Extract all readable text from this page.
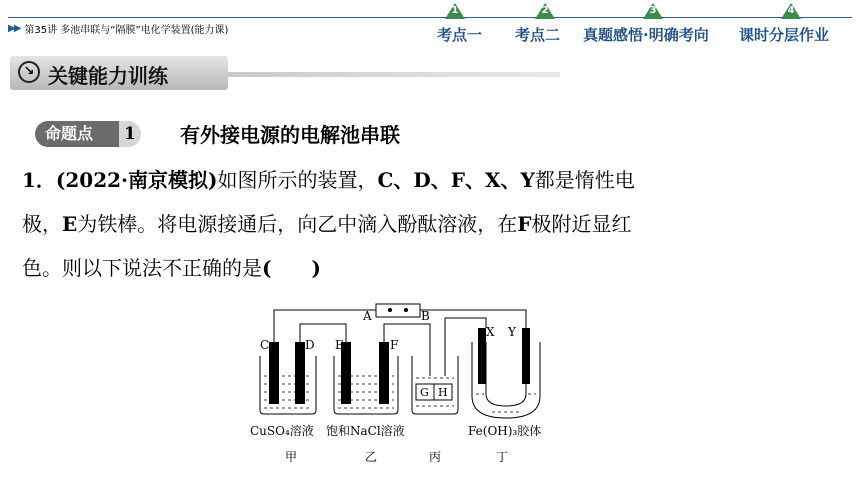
▶▶ 第35讲 多池串联与“隔膜”电化学装置(能力课)
1
考点一
2
考点二
3
真题感悟·明确考向
4
课时分层作业
↘ 关键能力训练
命题点	1 有外接电源的电解池串联
1．(2022·南京模拟)如图所示的装置，C、D、F、X、Y都是惰性电
极，E为铁棒。将电源接通后，向乙中滴入酚酞溶液，在F极附近显红
色。则以下说法不正确的是(　　)
A	B
C	D E	F
X Y
G H
CuSO₄溶液 饱和NaCl溶液	Fe(OH)₃胶体
甲	乙	丙	丁
